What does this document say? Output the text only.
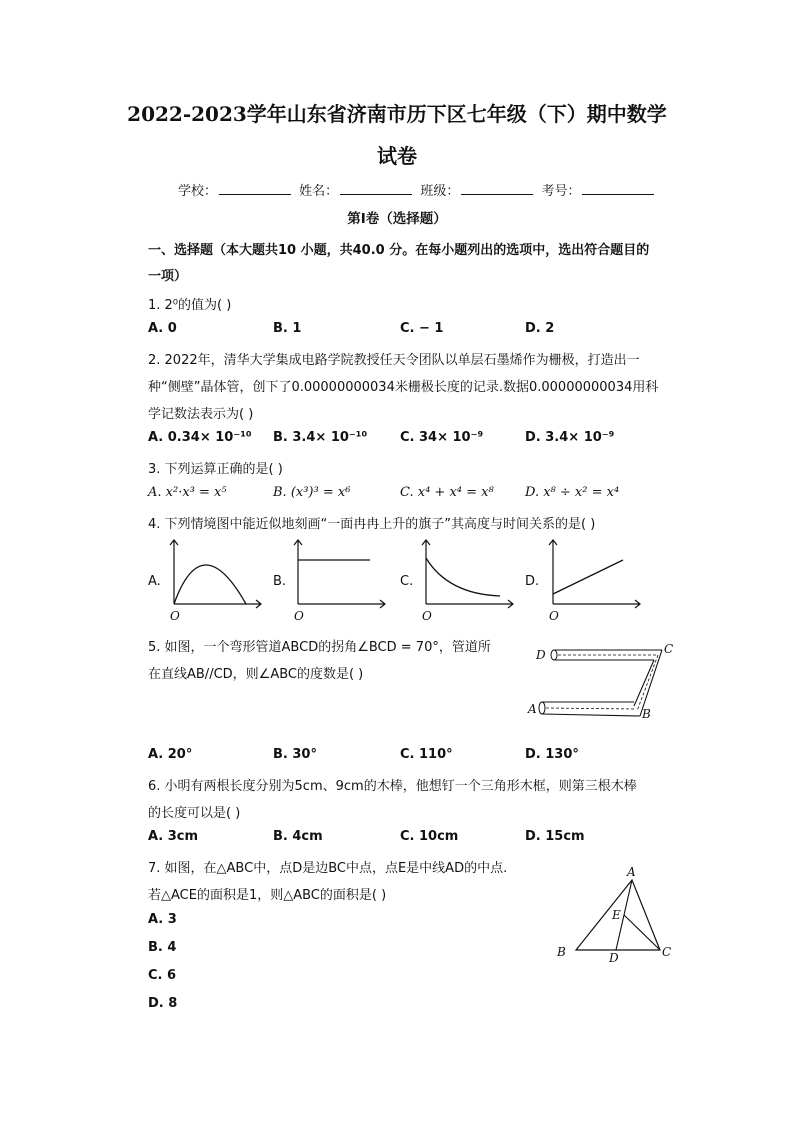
2022-2023学年山东省济南市历下区七年级（下）期中数学
试卷
学校：	姓名：	班级：	考号：
第I卷（选择题）
一、选择题（本大题共10 小题，共40.0 分。在每小题列出的选项中，选出符合题目的
一项）
1. 2⁰的值为( )
A. 0	B. 1	C. − 1	D. 2
2. 2022年，清华大学集成电路学院教授任天令团队以单层石墨烯作为栅极，打造出一
种“侧壁”晶体管，创下了0.00000000034米栅极长度的记录.数据0.00000000034用科
学记数法表示为( )
A. 0.34× 10⁻¹⁰ B. 3.4× 10⁻¹⁰	C. 34× 10⁻⁹	D. 3.4× 10⁻⁹
3. 下列运算正确的是( )
A. x²·x³ = x⁵	B. (x³)³ = x⁶	C. x⁴ + x⁴ = x⁸ D. x⁸ ÷ x² = x⁴
4. 下列情境图中能近似地刻画“一面冉冉上升的旗子”其高度与时间关系的是( )
A.
O
B.
O
C.
O
D.
O
5. 如图，一个弯形管道ABCD的拐角∠BCD = 70°，管道所
在直线AB//CD，则∠ABC的度数是( )
D	C
A	B
A. 20°	B. 30°	C. 110°	D. 130°
6. 小明有两根长度分别为5cm、9cm的木棒，他想钉一个三角形木框，则第三根木棒
的长度可以是( )
A. 3cm	B. 4cm	C. 10cm	D. 15cm
7. 如图，在△ABC中，点D是边BC中点，点E是中线AD的中点.
若△ACE的面积是1，则△ABC的面积是( )
A
E
B	D	C
A. 3
B. 4
C. 6
D. 8
